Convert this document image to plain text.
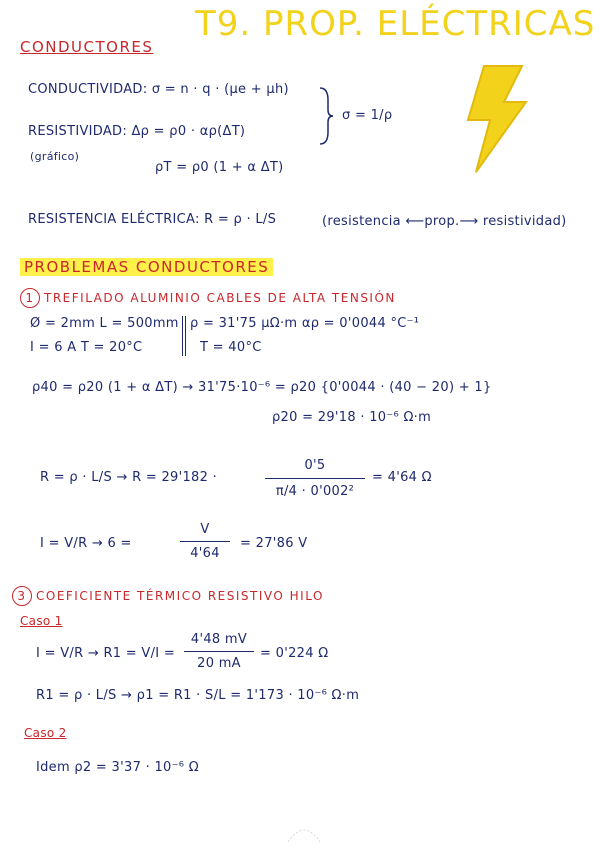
T9. PROP. ELÉCTRICAS
CONDUCTORES
CONDUCTIVIDAD: σ = n · q · (μe + μh)
RESISTIVIDAD: Δρ = ρ0 · αρ(ΔT)
(gráfico)
ρT = ρ0 (1 + α ΔT)
σ = 1/ρ
RESISTENCIA ELÉCTRICA: R = ρ · L/S	(resistencia ⟵prop.⟶ resistividad)
PROBLEMAS CONDUCTORES
1 TREFILADO ALUMINIO CABLES DE ALTA TENSIÓN
Ø = 2mm L = 500mm ρ = 31'75 μΩ·m αρ = 0'0044 °C⁻¹
I = 6 A T = 20°C	T = 40°C
ρ40 = ρ20 (1 + α ΔT) → 31'75·10⁻⁶ = ρ20 {0'0044 · (40 − 20) + 1}
ρ20 = 29'18 · 10⁻⁶ Ω·m
R = ρ · L/S → R = 29'182 ·
0'5
π/4 · 0'002²
= 4'64 Ω
I = V/R → 6 =
V
4'64
= 27'86 V
3 COEFICIENTE TÉRMICO RESISTIVO HILO
Caso 1
I = V/R → R1 = V/I =
4'48 mV
20 mA
= 0'224 Ω
R1 = ρ · L/S → ρ1 = R1 · S/L = 1'173 · 10⁻⁶ Ω·m
Caso 2
Idem ρ2 = 3'37 · 10⁻⁶ Ω
